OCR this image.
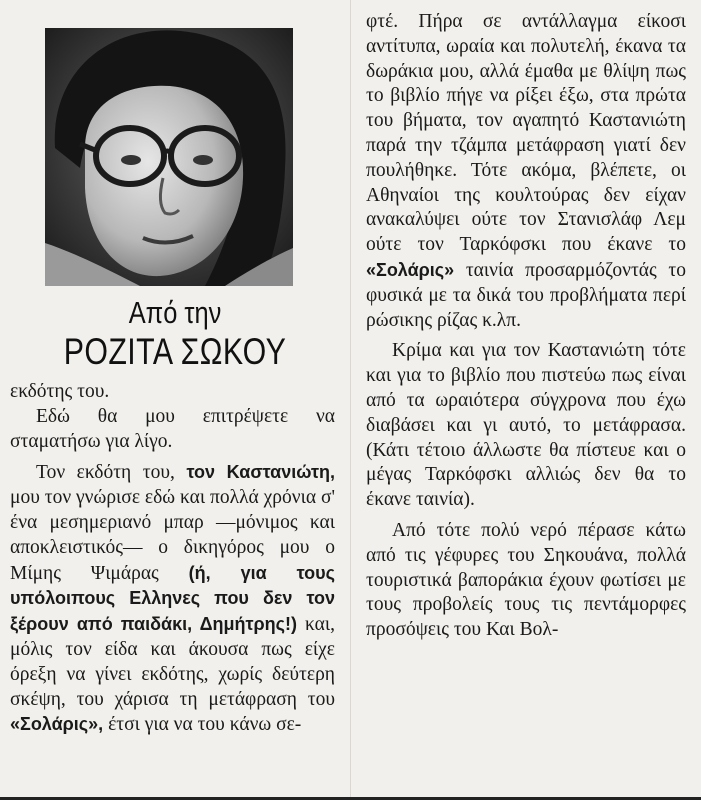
Από την
ΡΟΖΙΤΑ ΣΩΚΟΥ

εκδότης του.

Εδώ θα μου επιτρέψετε να σταματήσω για λίγο.

Τον εκδότη του, τον Καστανιώτη, μου τον γνώρισε εδώ και πολλά χρόνια σ' ένα μεσημεριανό μπαρ —μόνιμος και αποκλειστικός— ο δικηγόρος μου ο Μίμης Ψιμάρας (ή, για τους υπόλοιπους Ελληνες που δεν τον ξέρουν από παιδάκι, Δημήτρης!) και, μόλις τον είδα και άκουσα πως είχε όρεξη να γίνει εκδότης, χωρίς δεύτερη σκέψη, του χάρισα τη μετάφραση του «Σολάρις», έτσι για να του κάνω σε-

φτέ. Πήρα σε αντάλλαγμα είκοσι αντίτυπα, ωραία και πολυτελή, έκανα τα δωράκια μου, αλλά έμαθα με θλίψη πως το βιβλίο πήγε να ρίξει έξω, στα πρώτα του βήματα, τον αγαπητό Καστανιώτη παρά την τζάμπα μετάφραση γιατί δεν πουλήθηκε. Τότε ακόμα, βλέπετε, οι Αθηναίοι της κουλτούρας δεν είχαν ανακαλύψει ούτε τον Στανισλάφ Λεμ ούτε τον Ταρκόφσκι που έκανε το «Σολάρις» ταινία προσαρμόζοντάς το φυσικά με τα δικά του προβλήματα περί ρώσικης ρίζας κ.λπ.

Κρίμα και για τον Καστανιώτη τότε και για το βιβλίο που πιστεύω πως είναι από τα ωραιότερα σύγχρονα που έχω διαβάσει και γι αυτό, το μετάφρασα. (Κάτι τέτοιο άλλωστε θα πίστευε και ο μέγας Ταρκόφσκι αλλιώς δεν θα το έκανε ταινία).

Από τότε πολύ νερό πέρασε κάτω από τις γέφυρες του Σηκουάνα, πολλά τουριστικά βαποράκια έχουν φωτίσει με τους προβολείς τους τις πεντάμορφες προσόψεις του Και Βολ-
